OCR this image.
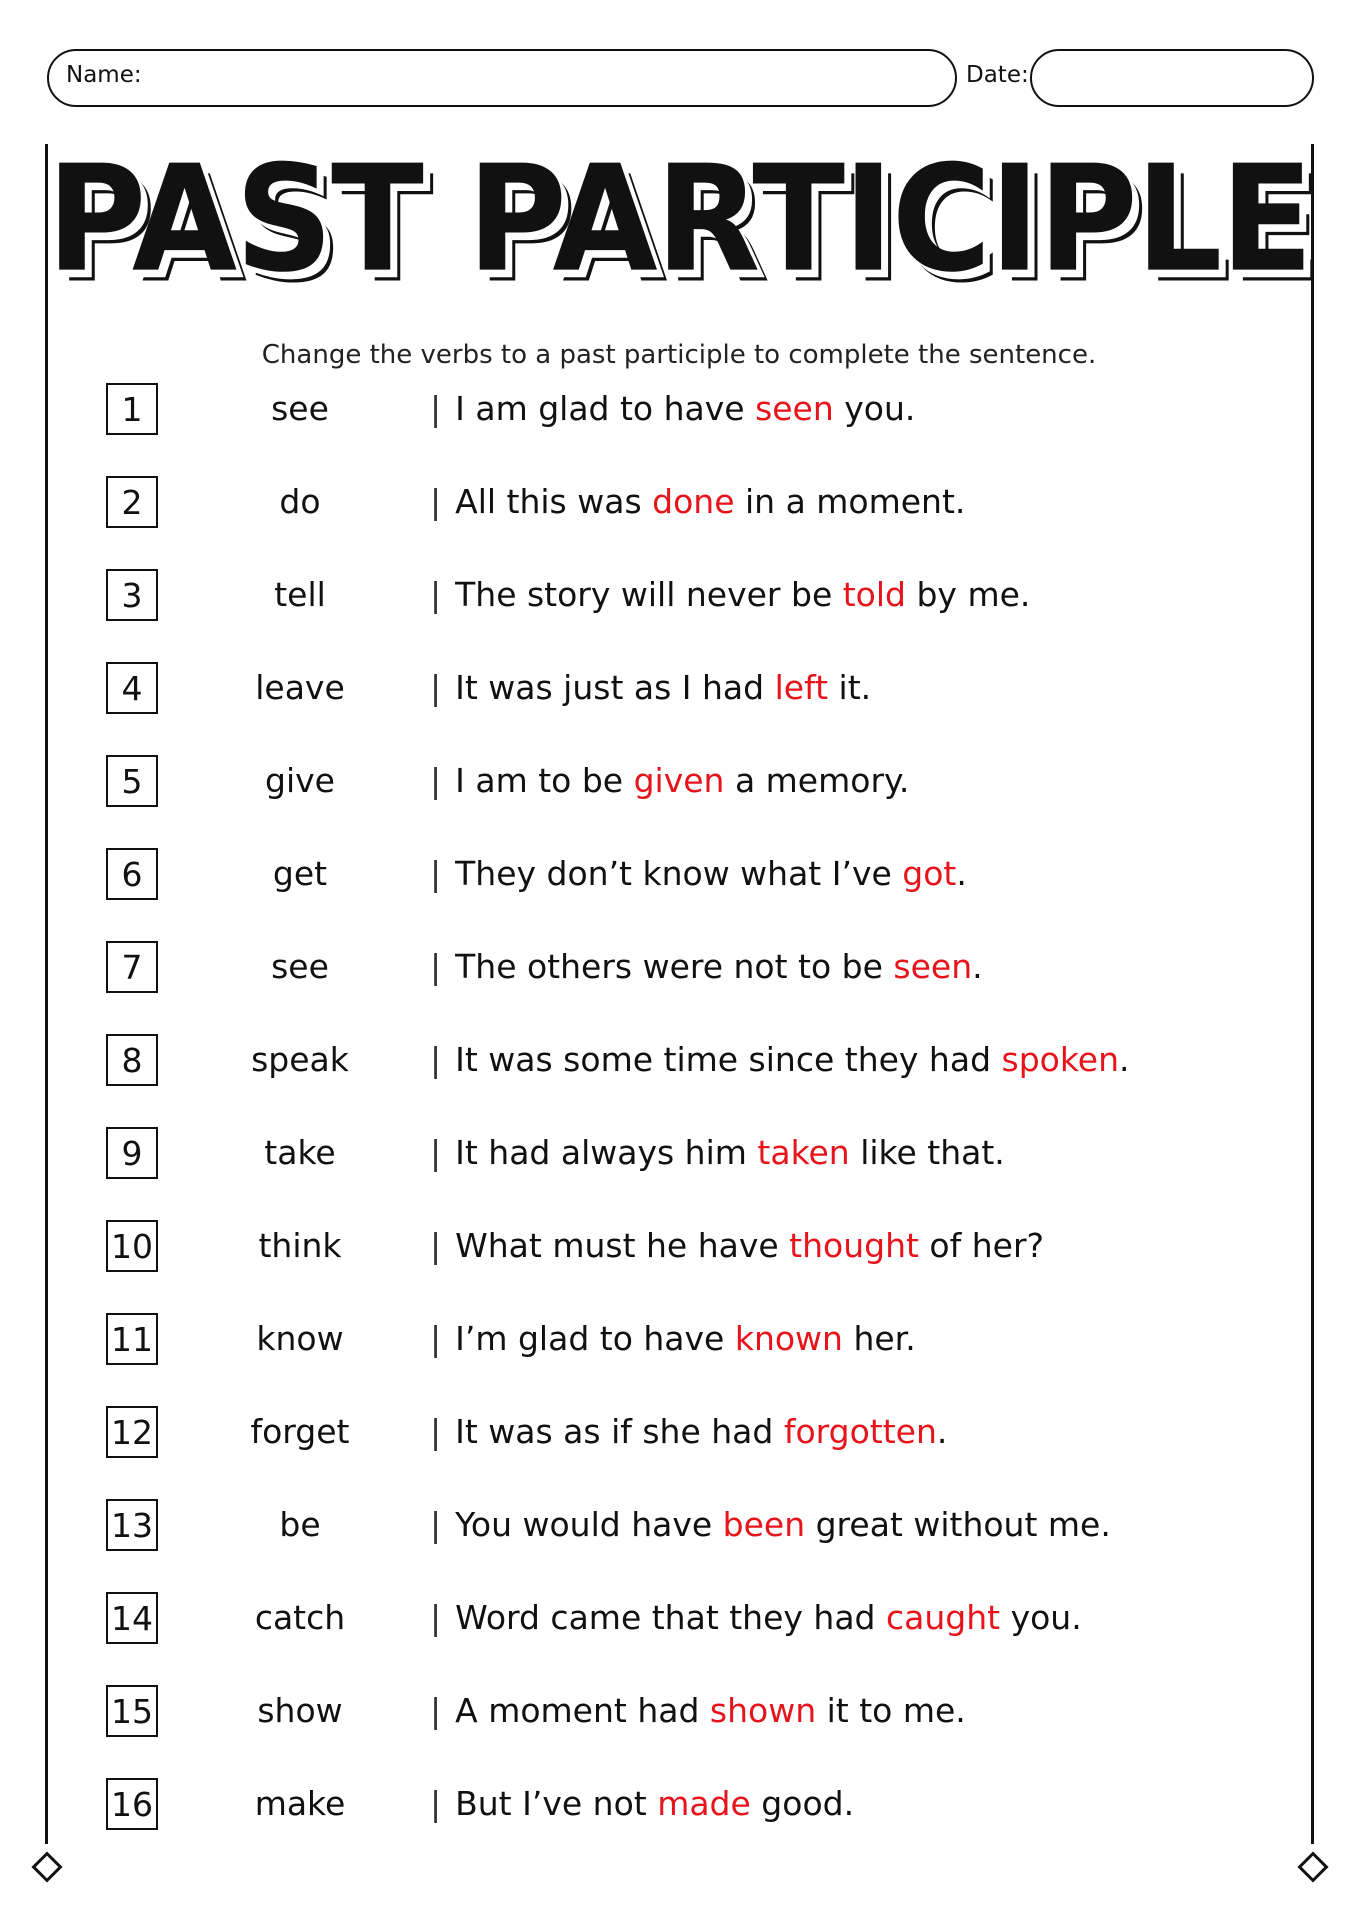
Name:	Date:
PAST PARTICIPLE
Change the verbs to a past participle to complete the sentence.
1	see	| I am glad to have seen you.
2	do	| All this was done in a moment.
3	tell	| The story will never be told by me.
4	leave	| It was just as I had left it.
5	give	| I am to be given a memory.
6	get	| They don’t know what I’ve got.
7	see	| The others were not to be seen.
8	speak	| It was some time since they had spoken.
9	take	| It had always him taken like that.
10	think	| What must he have thought of her?
11	know	| I’m glad to have known her.
12	forget	| It was as if she had forgotten.
13	be	| You would have been great without me.
14	catch	| Word came that they had caught you.
15	show	| A moment had shown it to me.
16	make	| But I’ve not made good.
